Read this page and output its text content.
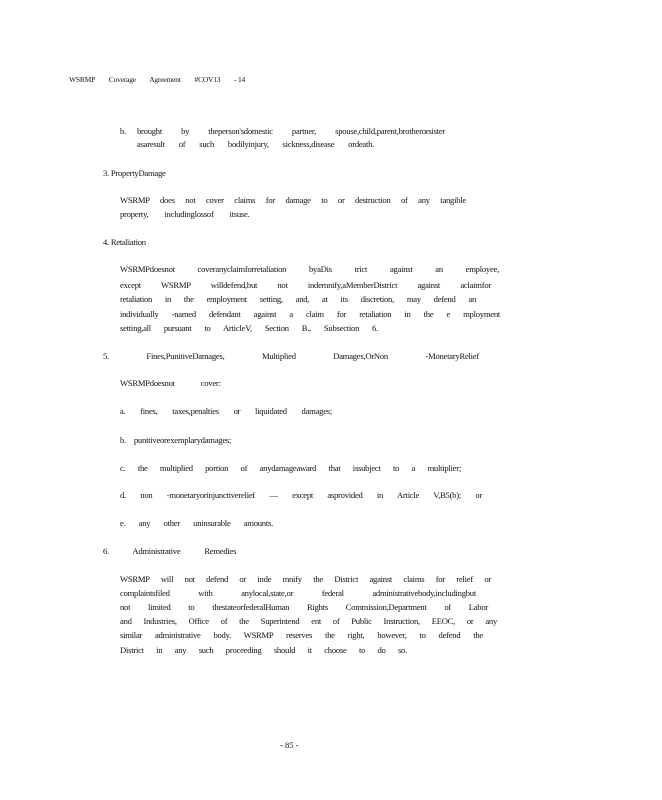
WSRMP Coverage Agreement #COV13 - 14
b. brought by theperson'sdomestic partner, spouse,child,parent,brotherorsister
asaresult of such bodilyinjury, sickness,disease ordeath.
3. PropertyDamage
WSRMP does not cover claims for damage to or destruction of any tangible
property, includinglossof itsuse.
4. Retaliation
WSRMPdoesnot coveranyclaimforretaliation byaDis trict against an employee,
except WSRMP willdefend,but not indemnify,aMemberDistrict against aclaimfor
retaliation in the employment setting, and, at its discretion, may defend an
individually -named defendant against a claim for retaliation in the e mployment
setting,all pursuant to ArticleV, Section B., Subsection 6.
5. Fines,PunitiveDamages, Multiplied Damages,OrNon -MonetaryRelief
WSRMPdoesnot cover:
a. fines, taxes,penalties or liquidated damages;
b. punitiveorexemplarydamages;
c. the multiplied portion of anydamageaward that issubject to a multiplier;
d. non -monetaryorinjunctiverelief — except asprovided in Article V,B5(b); or
e. any other uninsurable amounts.
6. Administrative Remedies
WSRMP will not defend or inde mnify the District against claims for relief or
complaintsfiled with anylocal,state,or federal administrativebody,includingbut
not limited to thestateorfederalHuman Rights Commission,Department of Labor
and Industries, Office of the Superintend ent of Public Instruction, EEOC, or any
similar administrative body. WSRMP reserves the right, however, to defend the
District in any such proceeding should it choose to do so.
- 85 -
